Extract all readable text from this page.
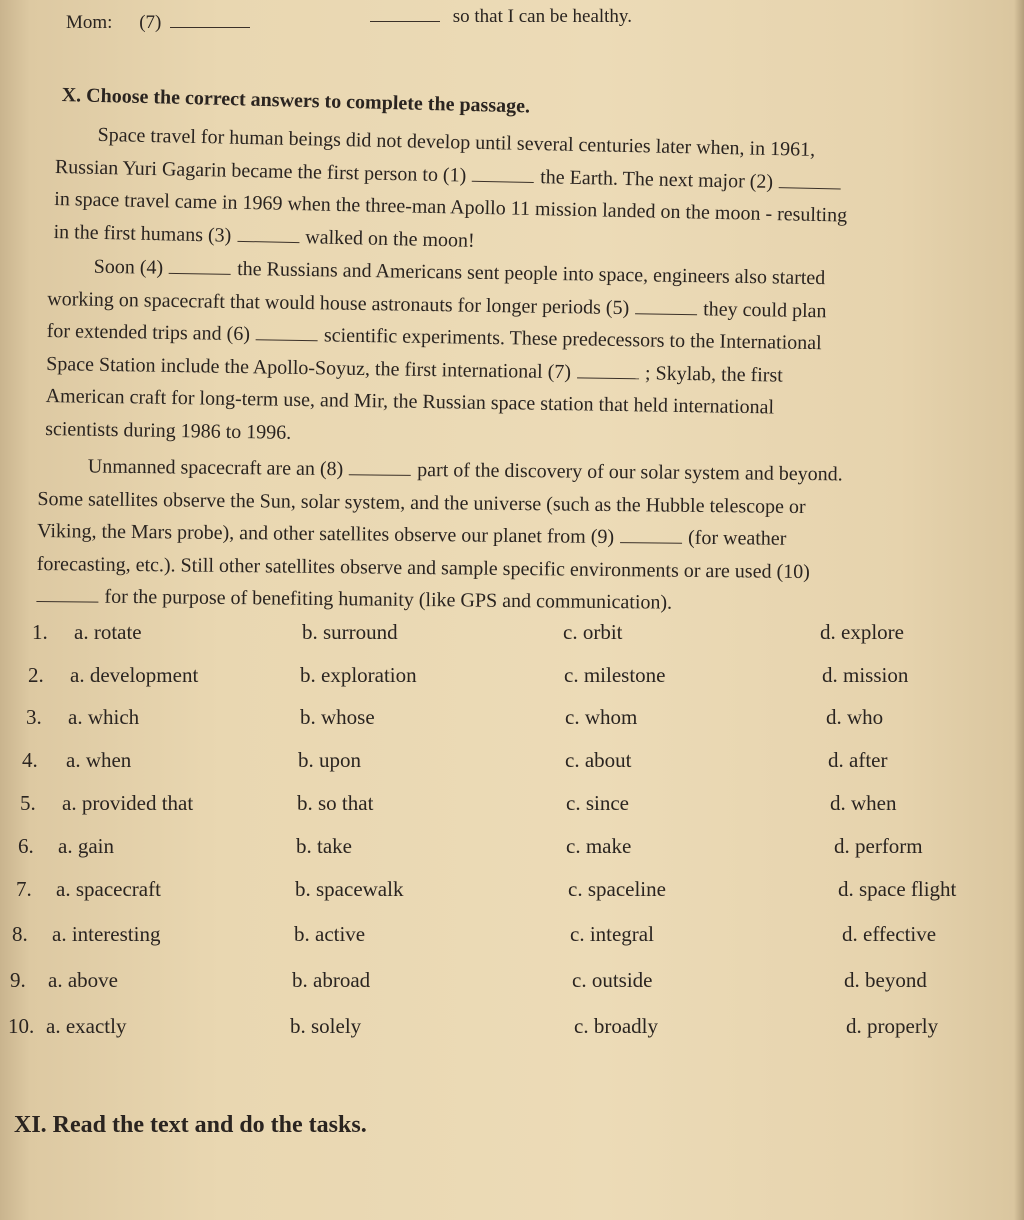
Mom: (7)	so that I can be healthy.
X. Choose the correct answers to complete the passage.
Space travel for human beings did not develop until several centuries later when, in 1961,
Russian Yuri Gagarin became the first person to (1)	the Earth. The next major (2)
in space travel came in 1969 when the three-man Apollo 11 mission landed on the moon - resulting
in the first humans (3)	walked on the moon!
Soon (4)	the Russians and Americans sent people into space, engineers also started
working on spacecraft that would house astronauts for longer periods (5)	they could plan
for extended trips and (6)	scientific experiments. These predecessors to the International
Space Station include the Apollo-Soyuz, the first international (7)	; Skylab, the first
American craft for long-term use, and Mir, the Russian space station that held international
scientists during 1986 to 1996.
Unmanned spacecraft are an (8)	part of the discovery of our solar system and beyond.
Some satellites observe the Sun, solar system, and the universe (such as the Hubble telescope or
Viking, the Mars probe), and other satellites observe our planet from (9)	(for weather
forecasting, etc.). Still other satellites observe and sample specific environments or are used (10)
for the purpose of benefiting humanity (like GPS and communication).
1. a. rotate	b. surround	c. orbit	d. explore
2. a. development	b. exploration	c. milestone	d. mission
3. a. which	b. whose	c. whom	d. who
4. a. when	b. upon	c. about	d. after
5. a. provided that	b. so that	c. since	d. when
6. a. gain	b. take	c. make	d. perform
7. a. spacecraft	b. spacewalk	c. spaceline	d. space flight
8. a. interesting	b. active	c. integral	d. effective
9. a. above	b. abroad	c. outside	d. beyond
10. a. exactly	b. solely	c. broadly	d. properly
XI. Read the text and do the tasks.
